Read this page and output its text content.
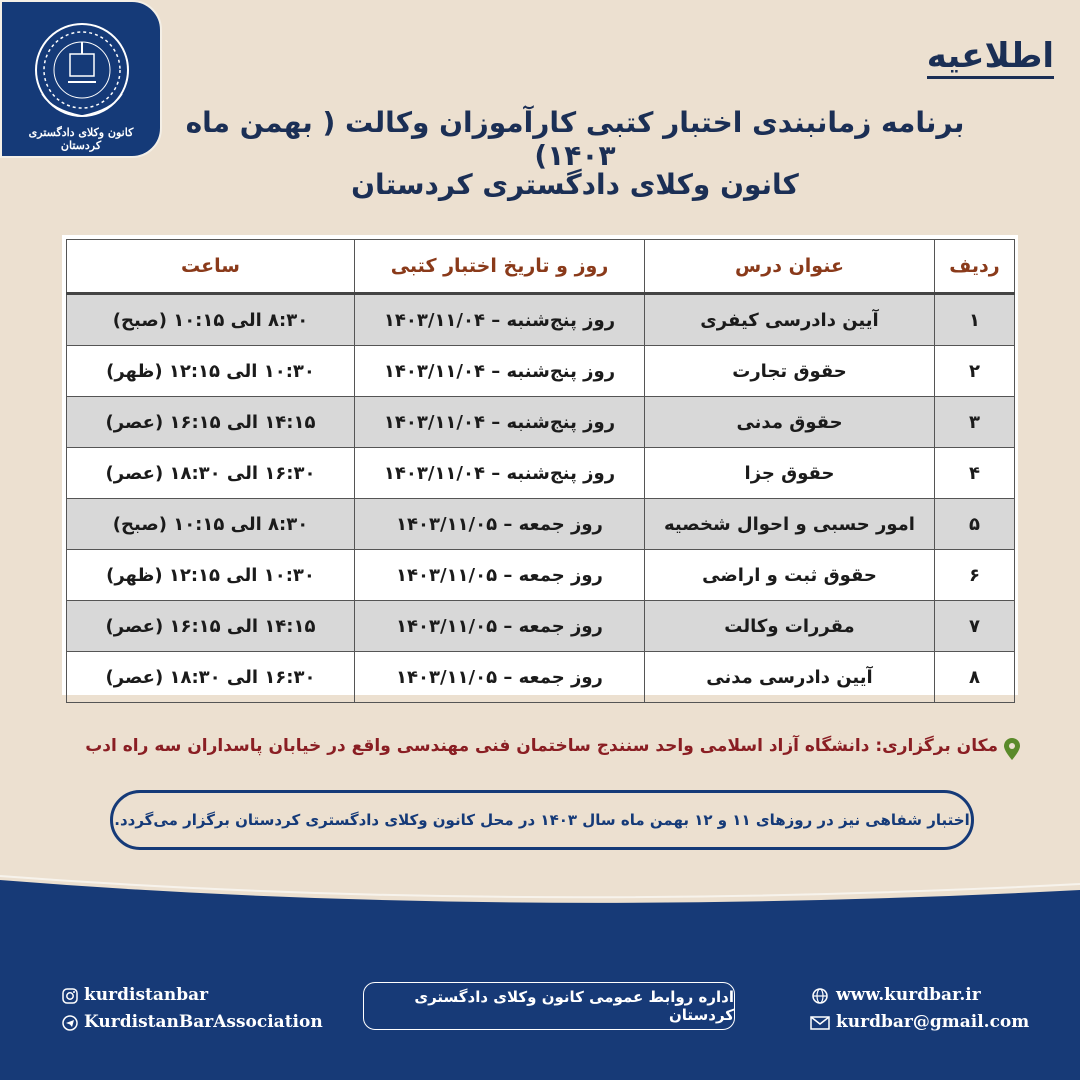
کانون وکلای دادگستری کردستان
اطلاعیه
برنامه زمانبندی اختبار کتبی کارآموزان وکالت ( بهمن ماه ۱۴۰۳)
کانون وکلای دادگستری کردستان
ردیف	عنوان درس	روز و تاریخ اختبار کتبی	ساعت
۱	آیین دادرسی کیفری	روز پنج‌شنبه – ۱۴۰۳/۱۱/۰۴	۸:۳۰ الی ۱۰:۱۵ (صبح)
۲	حقوق تجارت	روز پنج‌شنبه – ۱۴۰۳/۱۱/۰۴	۱۰:۳۰ الی ۱۲:۱۵ (ظهر)
۳	حقوق مدنی	روز پنج‌شنبه – ۱۴۰۳/۱۱/۰۴	۱۴:۱۵ الی ۱۶:۱۵ (عصر)
۴	حقوق جزا	روز پنج‌شنبه – ۱۴۰۳/۱۱/۰۴	۱۶:۳۰ الی ۱۸:۳۰ (عصر)
۵	امور حسبی و احوال شخصیه	روز جمعه – ۱۴۰۳/۱۱/۰۵	۸:۳۰ الی ۱۰:۱۵ (صبح)
۶	حقوق ثبت و اراضی	روز جمعه – ۱۴۰۳/۱۱/۰۵	۱۰:۳۰ الی ۱۲:۱۵ (ظهر)
۷	مقررات وکالت	روز جمعه – ۱۴۰۳/۱۱/۰۵	۱۴:۱۵ الی ۱۶:۱۵ (عصر)
۸	آیین دادرسی مدنی	روز جمعه – ۱۴۰۳/۱۱/۰۵	۱۶:۳۰ الی ۱۸:۳۰ (عصر)
مکان برگزاری: دانشگاه آزاد اسلامی واحد سنندج ساختمان فنی مهندسی واقع در خیابان پاسداران سه راه ادب
اختبار شفاهی نیز در روزهای ۱۱ و ۱۲ بهمن ماه سال ۱۴۰۳ در محل کانون وکلای دادگستری کردستان برگزار می‌گردد.
kurdistanbar
KurdistanBarAssociation
اداره روابط عمومی کانون وکلای دادگستری کردستان
www.kurdbar.ir
kurdbar@gmail.com
